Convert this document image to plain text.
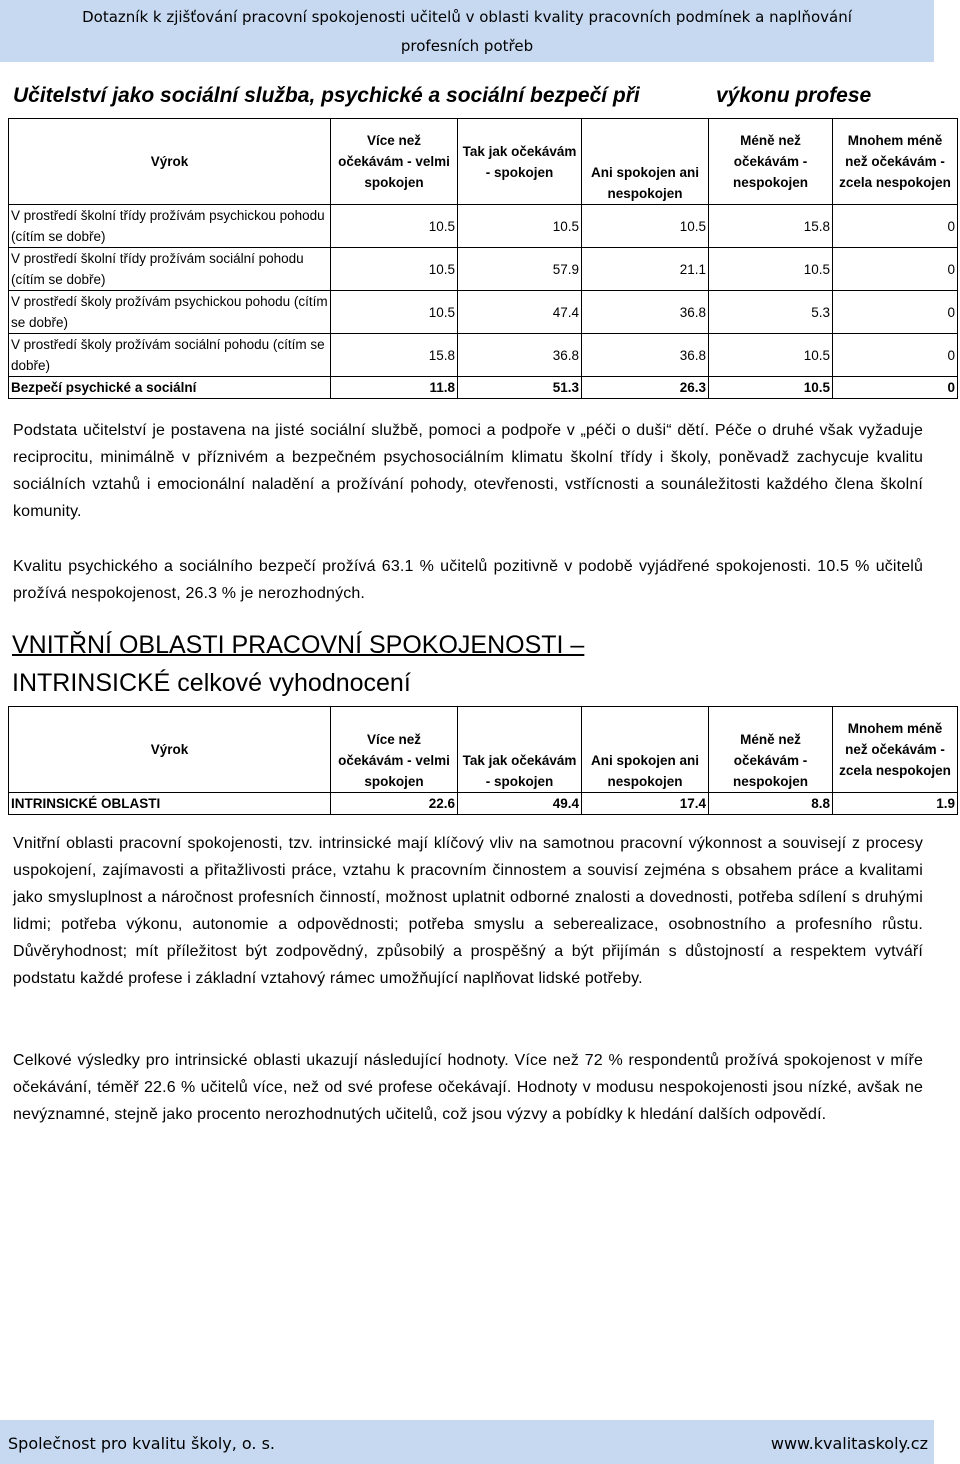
Dotazník k zjišťování pracovní spokojenosti učitelů v oblasti kvality pracovních podmínek a naplňování
profesních potřeb
Učitelství jako sociální služba, psychické a sociální bezpečí při	výkonu profese
Výrok	Více než očekávám - velmi spokojen	Tak jak očekávám - spokojen	Ani spokojen ani nespokojen	Méně než očekávám - nespokojen	Mnohem méně než očekávám - zcela nespokojen
V prostředí školní třídy prožívám psychickou pohodu (cítím se dobře)	10.5	10.5	10.5	15.8	0
V prostředí školní třídy prožívám sociální pohodu (cítím se dobře)	10.5	57.9	21.1	10.5	0
V prostředí školy prožívám psychickou pohodu (cítím se dobře)	10.5	47.4	36.8	5.3	0
V prostředí školy prožívám sociální pohodu (cítím se dobře)	15.8	36.8	36.8	10.5	0
Bezpečí psychické a sociální	11.8	51.3	26.3	10.5	0
Podstata učitelství je postavena na jisté sociální službě, pomoci a podpoře v „péči o duši“ dětí. Péče o druhé však vyžaduje reciprocitu, minimálně v příznivém a bezpečném psychosociálním klimatu školní třídy i školy, poněvadž zachycuje kvalitu sociálních vztahů i emocionální naladění a prožívání pohody, otevřenosti, vstřícnosti a sounáležitosti každého člena školní komunity.
Kvalitu psychického a sociálního bezpečí prožívá 63.1 % učitelů pozitivně v podobě vyjádřené spokojenosti. 10.5 % učitelů prožívá nespokojenost, 26.3 % je nerozhodných.
VNITŘNÍ OBLASTI PRACOVNÍ SPOKOJENOSTI –
INTRINSICKÉ celkové vyhodnocení
Výrok	Více než očekávám - velmi spokojen	Tak jak očekávám - spokojen	Ani spokojen ani nespokojen	Méně než očekávám - nespokojen	Mnohem méně než očekávám - zcela nespokojen
INTRINSICKÉ OBLASTI	22.6	49.4	17.4	8.8	1.9
Vnitřní oblasti pracovní spokojenosti, tzv. intrinsické mají klíčový vliv na samotnou pracovní výkonnost a souvisejí z procesy uspokojení, zajímavosti a přitažlivosti práce, vztahu k pracovním činnostem a souvisí zejména s obsahem práce a kvalitami jako smysluplnost a náročnost profesních činností, možnost uplatnit odborné znalosti a dovednosti, potřeba sdílení s druhými lidmi; potřeba výkonu, autonomie a odpovědnosti; potřeba smyslu a seberealizace, osobnostního a profesního růstu. Důvěryhodnost; mít příležitost být zodpovědný, způsobilý a prospěšný a být přijímán s důstojností a respektem vytváří podstatu každé profese i základní vztahový rámec umožňující naplňovat lidské potřeby.
Celkové výsledky pro intrinsické oblasti ukazují následující hodnoty. Více než 72 % respondentů prožívá spokojenost v míře očekávání, téměř 22.6 % učitelů více, než od své profese očekávají. Hodnoty v modusu nespokojenosti jsou nízké, avšak ne nevýznamné, stejně jako procento nerozhodnutých učitelů, což jsou výzvy a pobídky k hledání dalších odpovědí.
Společnost pro kvalitu školy, o. s.	www.kvalitaskoly.cz
